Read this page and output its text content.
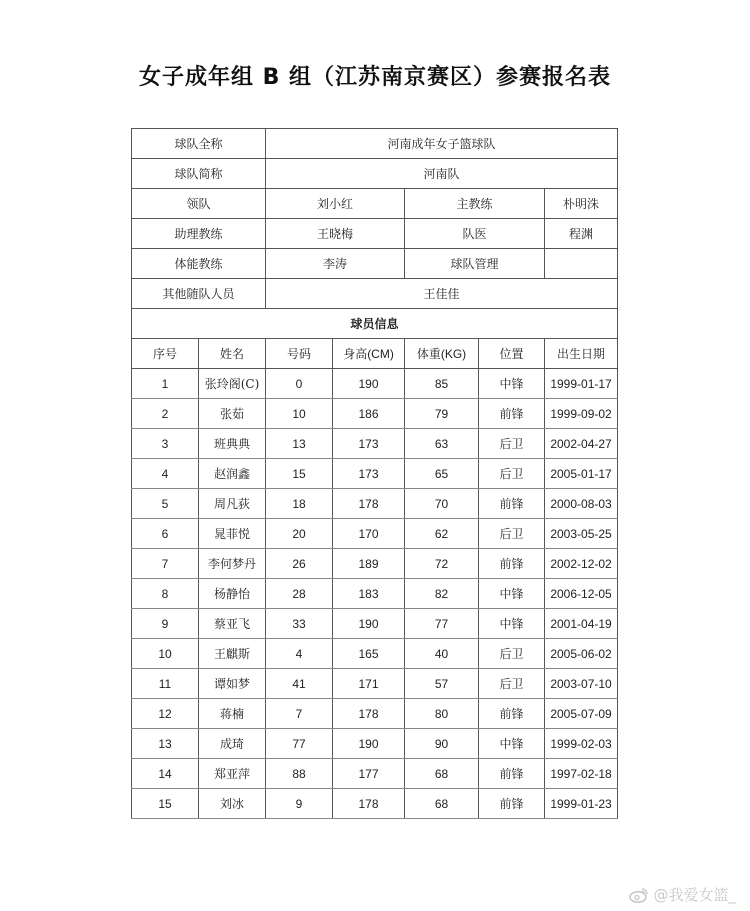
女子成年组 B 组（江苏南京赛区）参赛报名表
球队全称		河南成年女子篮球队				
球队简称		河南队				
领队		刘小红		主教练		朴明洙
助理教练		王晓梅		队医		程渊
体能教练		李涛		球队管理		
其他随队人员		王佳佳				
球员信息						
序号	姓名	号码	身高(CM)	体重(KG)	位置	出生日期
1	张玲阁(C)	0	190	85	中锋	1999-01-17
2	张茹	10	186	79	前锋	1999-09-02
3	班典典	13	173	63	后卫	2002-04-27
4	赵润鑫	15	173	65	后卫	2005-01-17
5	周凡荻	18	178	70	前锋	2000-08-03
6	晁菲悦	20	170	62	后卫	2003-05-25
7	李何梦丹	26	189	72	前锋	2002-12-02
8	杨静怡	28	183	82	中锋	2006-12-05
9	蔡亚飞	33	190	77	中锋	2001-04-19
10	王麒斯	4	165	40	后卫	2005-06-02
11	谭如梦	41	171	57	后卫	2003-07-10
12	蒋楠	7	178	80	前锋	2005-07-09
13	成琦	77	190	90	中锋	1999-02-03
14	郑亚萍	88	177	68	前锋	1997-02-18
15	刘冰	9	178	68	前锋	1999-01-23
@我爱女篮_
